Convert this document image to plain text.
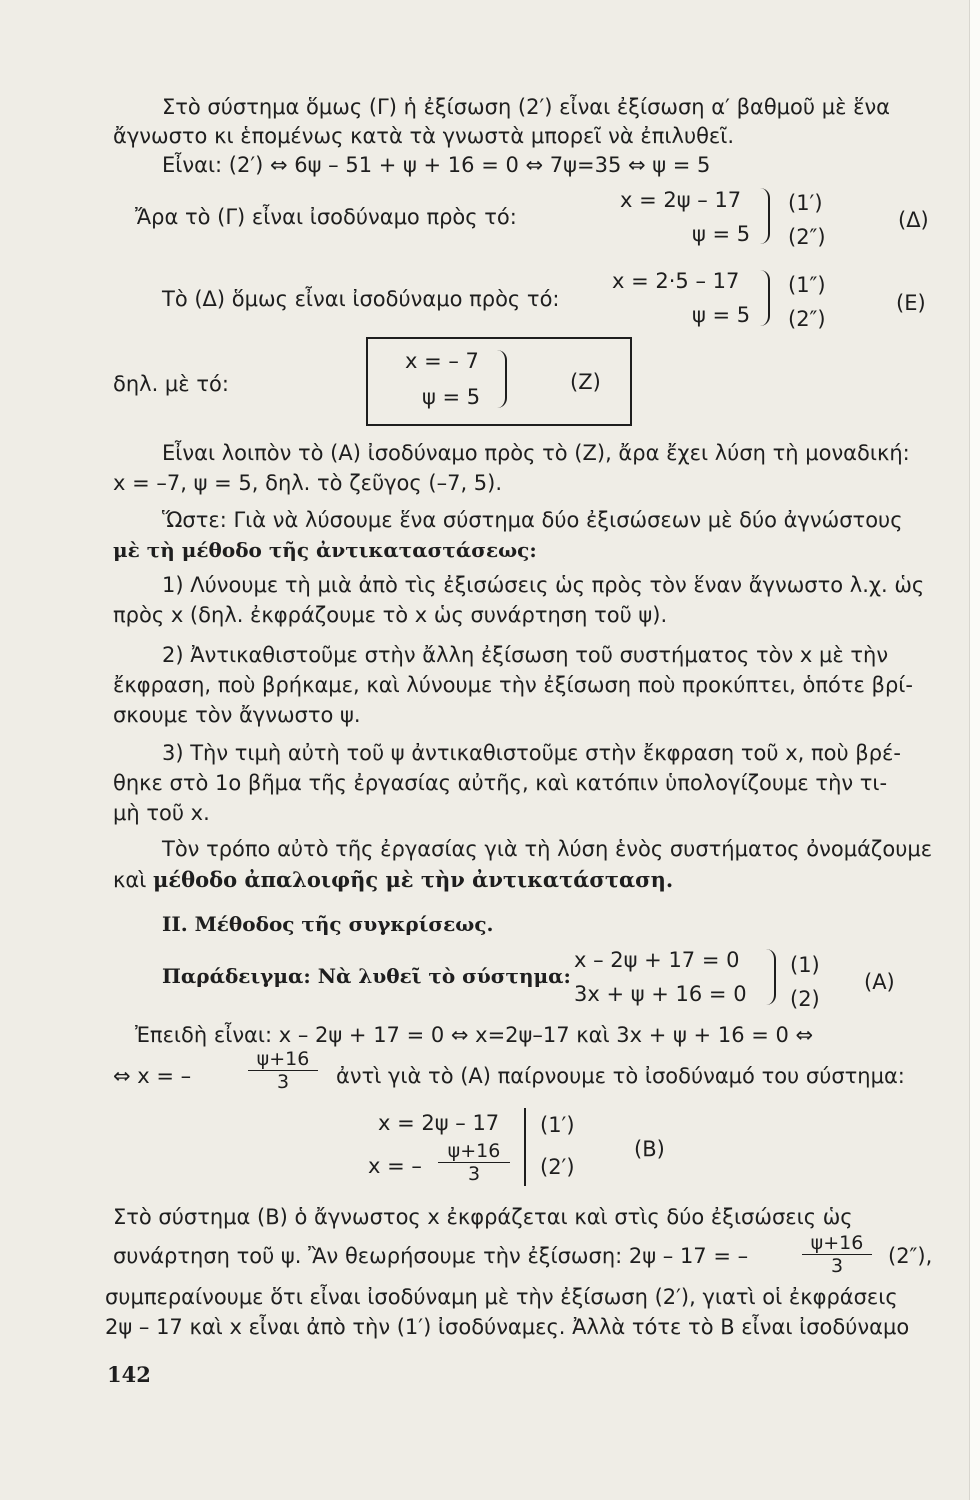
Στὸ σύστημα ὅμως (Γ) ἡ ἐξίσωση (2′) εἶναι ἐξίσωση α′ βαθμοῦ μὲ ἕνα
ἄγνωστο κι ἑπομένως κατὰ τὰ γνωστὰ μπορεῖ νὰ ἐπιλυθεῖ.
Εἶναι: (2′) ⇔ 6ψ – 51 + ψ + 16 = 0 ⇔ 7ψ=35 ⇔ ψ = 5
Ἄρα τὸ (Γ) εἶναι ἰσοδύναμο πρὸς τό:
x = 2ψ – 17
ψ = 5
(1′)
(2″)
(Δ)
Τὸ (Δ) ὅμως εἶναι ἰσοδύναμο πρὸς τό:
x = 2·5 – 17
ψ = 5
(1″)
(2″)
(Ε)
δηλ. μὲ τό:
x = – 7
ψ = 5
(Ζ)
Εἶναι λοιπὸν τὸ (Α) ἰσοδύναμο πρὸς τὸ (Ζ), ἄρα ἔχει λύση τὴ μοναδική:
x = –7, ψ = 5, δηλ. τὸ ζεῦγος (–7, 5).
Ὥστε: Γιὰ νὰ λύσουμε ἕνα σύστημα δύο ἐξισώσεων μὲ δύο ἀγνώστους
μὲ τὴ μέθοδο τῆς ἀντικαταστάσεως:
1) Λύνουμε τὴ μιὰ ἀπὸ τὶς ἐξισώσεις ὡς πρὸς τὸν ἕναν ἄγνωστο λ.χ. ὡς
πρὸς x (δηλ. ἐκφράζουμε τὸ x ὡς συνάρτηση τοῦ ψ).
2) Ἀντικαθιστοῦμε στὴν ἄλλη ἐξίσωση τοῦ συστήματος τὸν x μὲ τὴν
ἔκφραση, ποὺ βρήκαμε, καὶ λύνουμε τὴν ἐξίσωση ποὺ προκύπτει, ὁπότε βρί-
σκουμε τὸν ἄγνωστο ψ.
3) Τὴν τιμὴ αὐτὴ τοῦ ψ ἀντικαθιστοῦμε στὴν ἔκφραση τοῦ x, ποὺ βρέ-
θηκε στὸ 1ο βῆμα τῆς ἐργασίας αὐτῆς, καὶ κατόπιν ὑπολογίζουμε τὴν τι-
μὴ τοῦ x.
Τὸν τρόπο αὐτὸ τῆς ἐργασίας γιὰ τὴ λύση ἑνὸς συστήματος ὀνομάζουμε
καὶ μέθοδο ἀπαλοιφῆς μὲ τὴν ἀντικατάσταση.
ΙΙ. Μέθοδος τῆς συγκρίσεως.
Παράδειγμα: Νὰ λυθεῖ τὸ σύστημα:
x – 2ψ + 17 = 0
3x + ψ + 16 = 0
(1)
(2)
(Α)
Ἐπειδὴ εἶναι: x – 2ψ + 17 = 0 ⇔ x=2ψ–17 καὶ 3x + ψ + 16 = 0 ⇔
⇔ x = –	$\frac{\psi+16}{3}$ ἀντὶ γιὰ τὸ (Α) παίρνουμε τὸ ἰσοδύναμό του σύστημα:
x = 2ψ – 17
x = – $\frac{\psi+16}{3}$
(1′)
(2′)
(Β)
Στὸ σύστημα (Β) ὁ ἄγνωστος x ἐκφράζεται καὶ στὶς δύο ἐξισώσεις ὡς
συνάρτηση τοῦ ψ. Ἂν θεωρήσουμε τὴν ἐξίσωση: 2ψ – 17 = –	$\frac{\psi+16}{3} (2'')$,
συμπεραίνουμε ὅτι εἶναι ἰσοδύναμη μὲ τὴν ἐξίσωση (2′), γιατὶ οἱ ἐκφράσεις
2ψ – 17 καὶ x εἶναι ἀπὸ τὴν (1′) ἰσοδύναμες. Ἀλλὰ τότε τὸ Β εἶναι ἰσοδύναμο
142
